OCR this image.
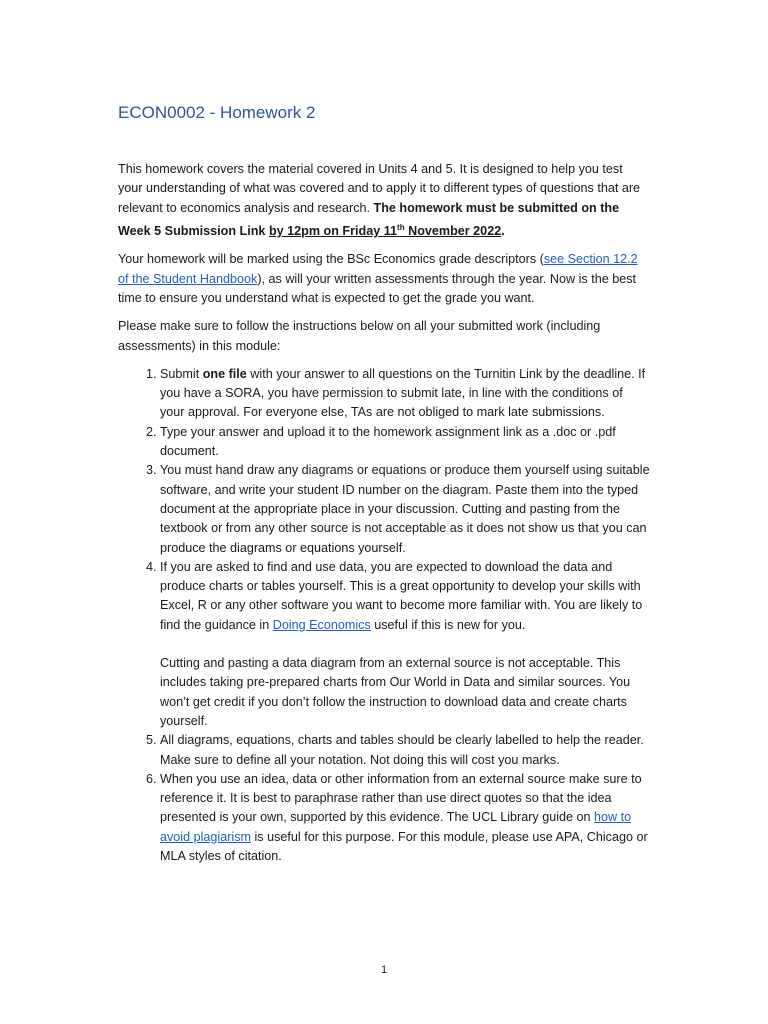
ECON0002 - Homework 2

This homework covers the material covered in Units 4 and 5. It is designed to help you test your understanding of what was covered and to apply it to different types of questions that are relevant to economics analysis and research. The homework must be submitted on the Week 5 Submission Link by 12pm on Friday 11th November 2022.

Your homework will be marked using the BSc Economics grade descriptors (see Section 12.2 of the Student Handbook), as will your written assessments through the year. Now is the best time to ensure you understand what is expected to get the grade you want.

Please make sure to follow the instructions below on all your submitted work (including assessments) in this module:

1. Submit one file with your answer to all questions on the Turnitin Link by the deadline. If you have a SORA, you have permission to submit late, in line with the conditions of your approval. For everyone else, TAs are not obliged to mark late submissions.
2. Type your answer and upload it to the homework assignment link as a .doc or .pdf document.
3. You must hand draw any diagrams or equations or produce them yourself using suitable software, and write your student ID number on the diagram. Paste them into the typed document at the appropriate place in your discussion. Cutting and pasting from the textbook or from any other source is not acceptable as it does not show us that you can produce the diagrams or equations yourself.
4. If you are asked to find and use data, you are expected to download the data and produce charts or tables yourself. This is a great opportunity to develop your skills with Excel, R or any other software you want to become more familiar with. You are likely to find the guidance in Doing Economics useful if this is new for you.
Cutting and pasting a data diagram from an external source is not acceptable. This includes taking pre-prepared charts from Our World in Data and similar sources. You won’t get credit if you don’t follow the instruction to download data and create charts yourself.
5. All diagrams, equations, charts and tables should be clearly labelled to help the reader. Make sure to define all your notation. Not doing this will cost you marks.
6. When you use an idea, data or other information from an external source make sure to reference it. It is best to paraphrase rather than use direct quotes so that the idea presented is your own, supported by this evidence. The UCL Library guide on how to avoid plagiarism is useful for this purpose. For this module, please use APA, Chicago or MLA styles of citation.
1
